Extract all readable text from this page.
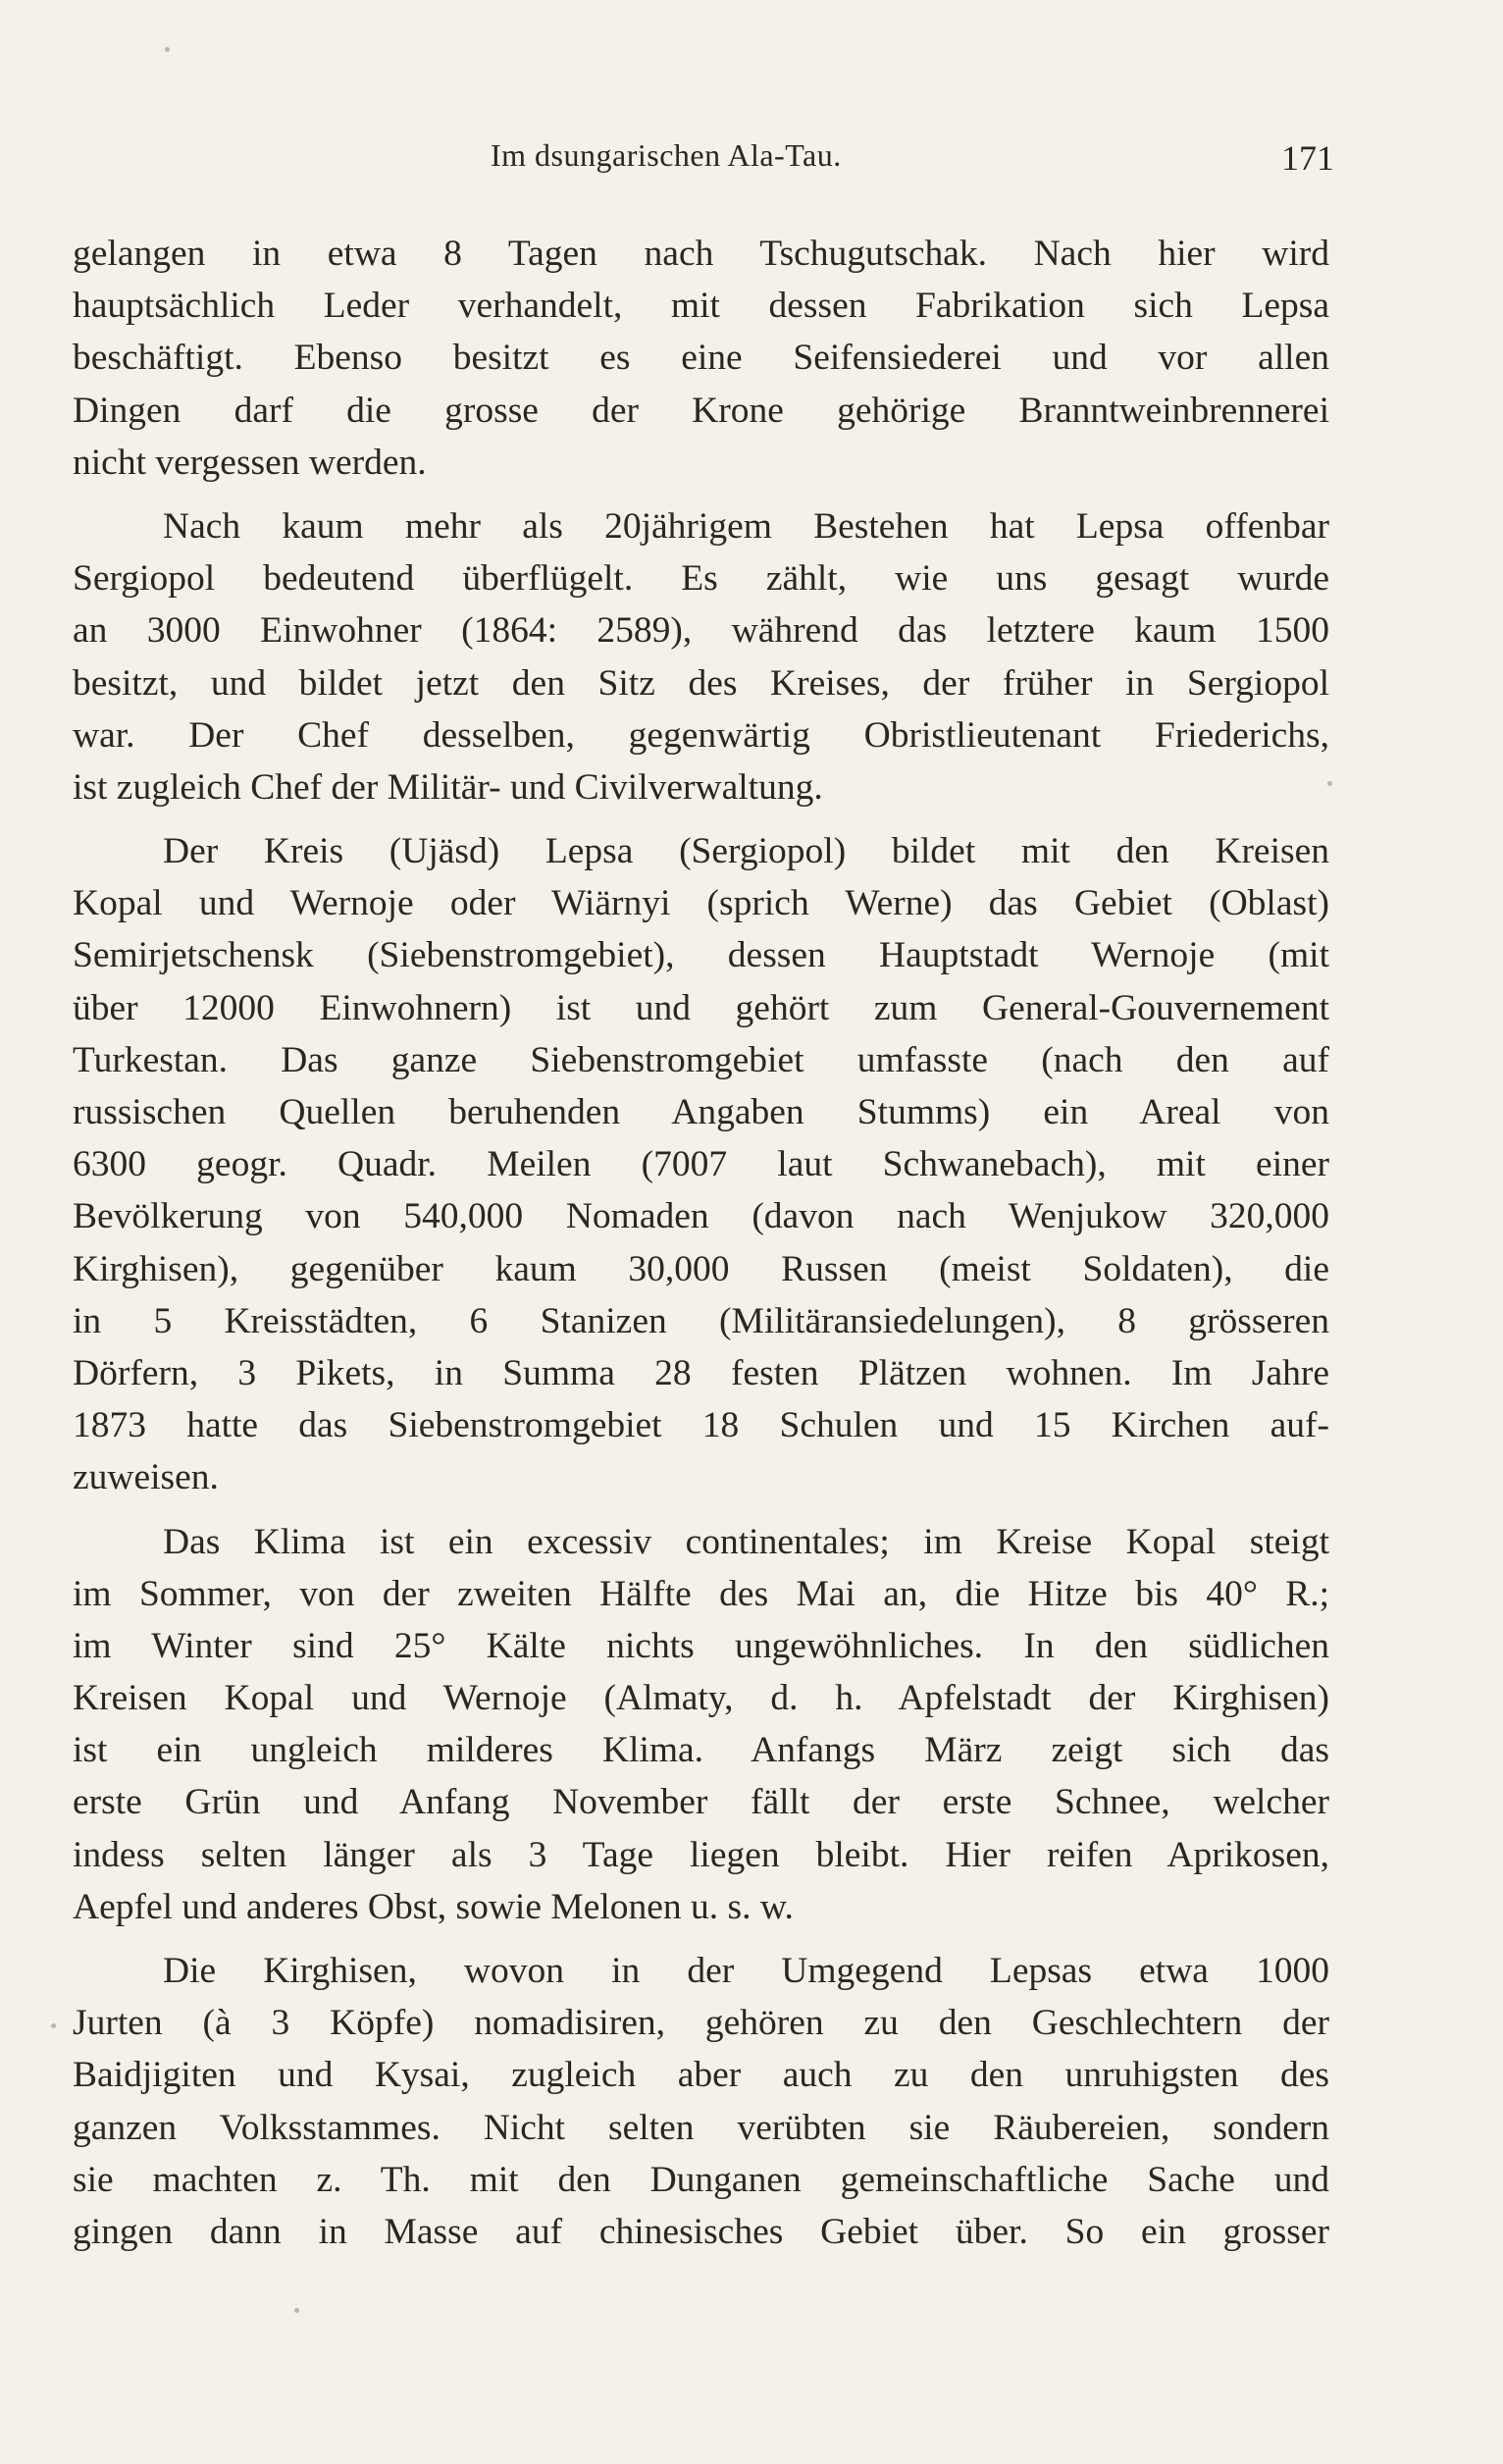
Im dsungarischen Ala-Tau.	171
gelangen in etwa 8 Tagen nach Tschugutschak. Nach hier wird
hauptsächlich Leder verhandelt, mit dessen Fabrikation sich Lepsa
beschäftigt. Ebenso besitzt es eine Seifensiederei und vor allen
Dingen darf die grosse der Krone gehörige Branntweinbrennerei
nicht vergessen werden.
Nach kaum mehr als 20jährigem Bestehen hat Lepsa offenbar
Sergiopol bedeutend überflügelt. Es zählt, wie uns gesagt wurde
an 3000 Einwohner (1864: 2589), während das letztere kaum 1500
besitzt, und bildet jetzt den Sitz des Kreises, der früher in Sergiopol
war. Der Chef desselben, gegenwärtig Obristlieutenant Friederichs,
ist zugleich Chef der Militär- und Civilverwaltung.
Der Kreis (Ujäsd) Lepsa (Sergiopol) bildet mit den Kreisen
Kopal und Wernoje oder Wiärnyi (sprich Werne) das Gebiet (Oblast)
Semirjetschensk (Siebenstromgebiet), dessen Hauptstadt Wernoje (mit
über 12000 Einwohnern) ist und gehört zum General-Gouvernement
Turkestan. Das ganze Siebenstromgebiet umfasste (nach den auf
russischen Quellen beruhenden Angaben Stumms) ein Areal von
6300 geogr. Quadr. Meilen (7007 laut Schwanebach), mit einer
Bevölkerung von 540,000 Nomaden (davon nach Wenjukow 320,000
Kirghisen), gegenüber kaum 30,000 Russen (meist Soldaten), die
in 5 Kreisstädten, 6 Stanizen (Militäransiedelungen), 8 grösseren
Dörfern, 3 Pikets, in Summa 28 festen Plätzen wohnen. Im Jahre
1873 hatte das Siebenstromgebiet 18 Schulen und 15 Kirchen auf-
zuweisen.
Das Klima ist ein excessiv continentales; im Kreise Kopal steigt
im Sommer, von der zweiten Hälfte des Mai an, die Hitze bis 40° R.;
im Winter sind 25° Kälte nichts ungewöhnliches. In den südlichen
Kreisen Kopal und Wernoje (Almaty, d. h. Apfelstadt der Kirghisen)
ist ein ungleich milderes Klima. Anfangs März zeigt sich das
erste Grün und Anfang November fällt der erste Schnee, welcher
indess selten länger als 3 Tage liegen bleibt. Hier reifen Aprikosen,
Aepfel und anderes Obst, sowie Melonen u. s. w.
Die Kirghisen, wovon in der Umgegend Lepsas etwa 1000
Jurten (à 3 Köpfe) nomadisiren, gehören zu den Geschlechtern der
Baidjigiten und Kysai, zugleich aber auch zu den unruhigsten des
ganzen Volksstammes. Nicht selten verübten sie Räubereien, sondern
sie machten z. Th. mit den Dunganen gemeinschaftliche Sache und
gingen dann in Masse auf chinesisches Gebiet über. So ein grosser
